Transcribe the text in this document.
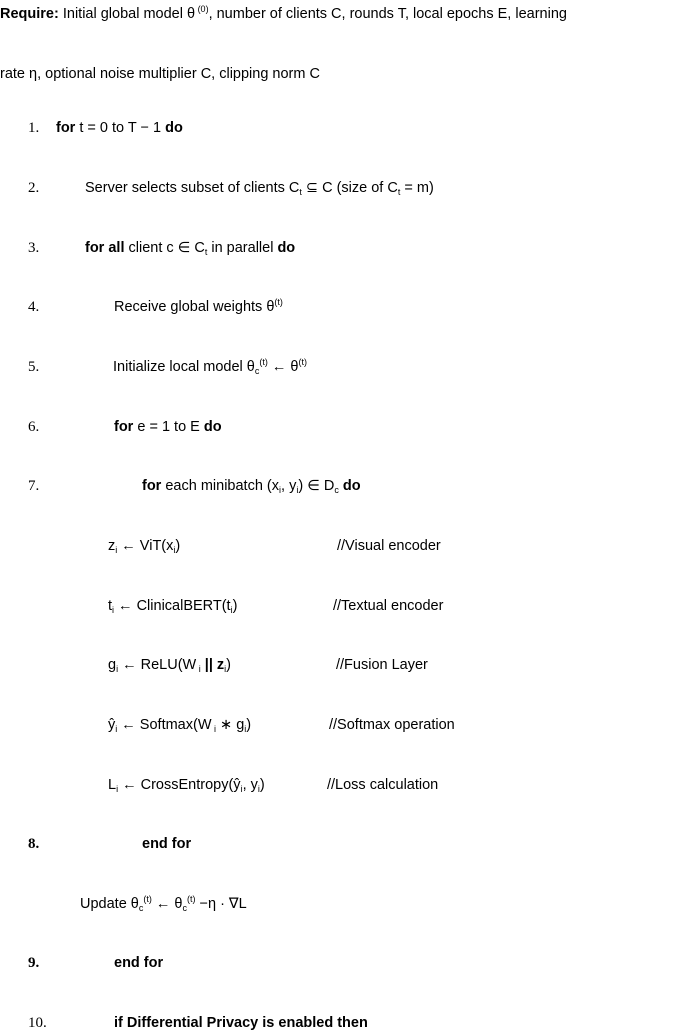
Require: Initial global model θ $^{(0)}$, number of clients C, rounds T, local epochs E, learning
rate η, optional noise multiplier C, clipping norm C
1. for t = 0 to T − 1 do
2.	Server selects subset of clients $C_t$ ⊆ C (size of $C_t = m$)
3.	for all client c ∈ $C_t$ in parallel do
4.	Receive global weights $\theta^{(t)}$
5.	Initialize local model $\theta_c^{(t)}$ ← $\theta^{(t)}$
6.	for e = 1 to E do
7.	for each minibatch ($x_i$, $y_i$) ∈ $D_c$ do
$z_i$ ← $ViT(x_i)$	//Visual encoder
$t_i$ ← $ClinicalBERT(t_i)$	//Textual encoder
$g_i$ ← ReLU(W $_i$ || $z_i$)	//Fusion Layer
$ŷ_i$ ← Softmax(W $_i$ ∗ $g_i$)	//Softmax operation
$L_i$ ← $CrossEntropy(ŷ_i$, $y_i$)	//Loss calculation
8.	end for
Update $\theta_c^{(t)}$ ← $\theta_c^{(t)} -\eta \cdot \nabla L$
9.	end for
10.	if Differential Privacy is enabled then
